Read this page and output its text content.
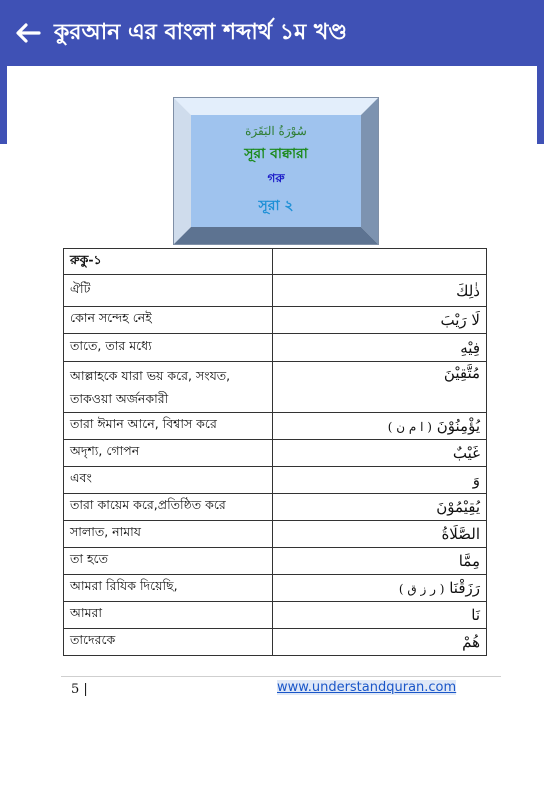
কুরআন এর বাংলা শব্দার্থ ১ম খণ্ড
سُوْرَةُ البَقَرَة
সূরা বাক্বারা
গরু
সূরা ২
রুকু-১	
ঐটি	ذٰلِكَ
কোন সন্দেহ নেই	لَا رَيْبَ
তাতে, তার মধ্যে	فِيْهِ
আল্লাহকে যারা ভয় করে, সংযত, তাকওয়া অর্জনকারী	مُتَّقِيْنَ
তারা ঈমান আনে, বিশ্বাস করে	يُؤْمِنُوْنَ ( ا م ن )
অদৃশ্য, গোপন	غَيْبٌ
এবং	وَ
তারা কায়েম করে,প্রতিষ্ঠিত করে	يُقِيْمُوْنَ
সালাত, নামায	الصَّلَاةُ
তা হতে	مِمَّا
আমরা রিযিক দিয়েছি,	رَزَقْنَا ( ر ز ق )
আমরা	نَا
তাদেরকে	هُمْ
5 |	www.understandquran.com
